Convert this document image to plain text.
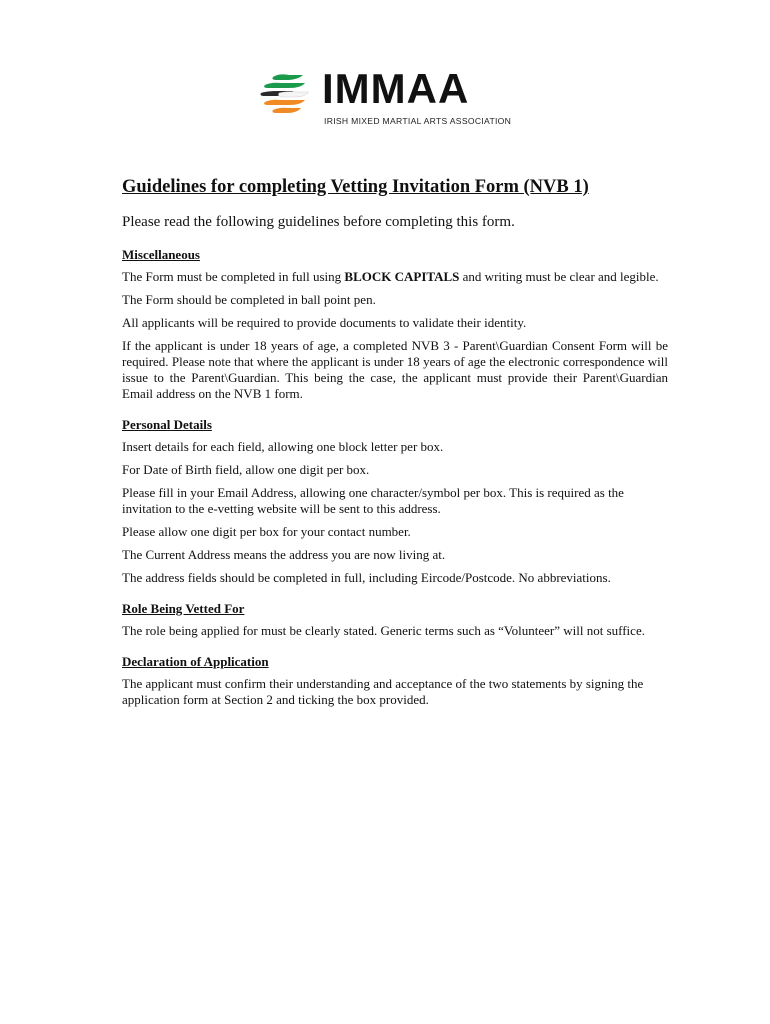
IMMAA
IRISH MIXED MARTIAL ARTS ASSOCIATION
Guidelines for completing Vetting Invitation Form (NVB 1)

Please read the following guidelines before completing this form.

Miscellaneous

The Form must be completed in full using BLOCK CAPITALS and writing must be clear and legible.

The Form should be completed in ball point pen.

All applicants will be required to provide documents to validate their identity.

If the applicant is under 18 years of age, a completed NVB 3 - Parent\Guardian Consent Form will be required. Please note that where the applicant is under 18 years of age the electronic correspondence will issue to the Parent\Guardian. This being the case, the applicant must provide their Parent\Guardian Email address on the NVB 1 form.

Personal Details

Insert details for each field, allowing one block letter per box.

For Date of Birth field, allow one digit per box.

Please fill in your Email Address, allowing one character/symbol per box. This is required as the invitation to the e-vetting website will be sent to this address.

Please allow one digit per box for your contact number.

The Current Address means the address you are now living at.

The address fields should be completed in full, including Eircode/Postcode. No abbreviations.

Role Being Vetted For

The role being applied for must be clearly stated. Generic terms such as “Volunteer” will not suffice.

Declaration of Application

The applicant must confirm their understanding and acceptance of the two statements by signing the application form at Section 2 and ticking the box provided.
